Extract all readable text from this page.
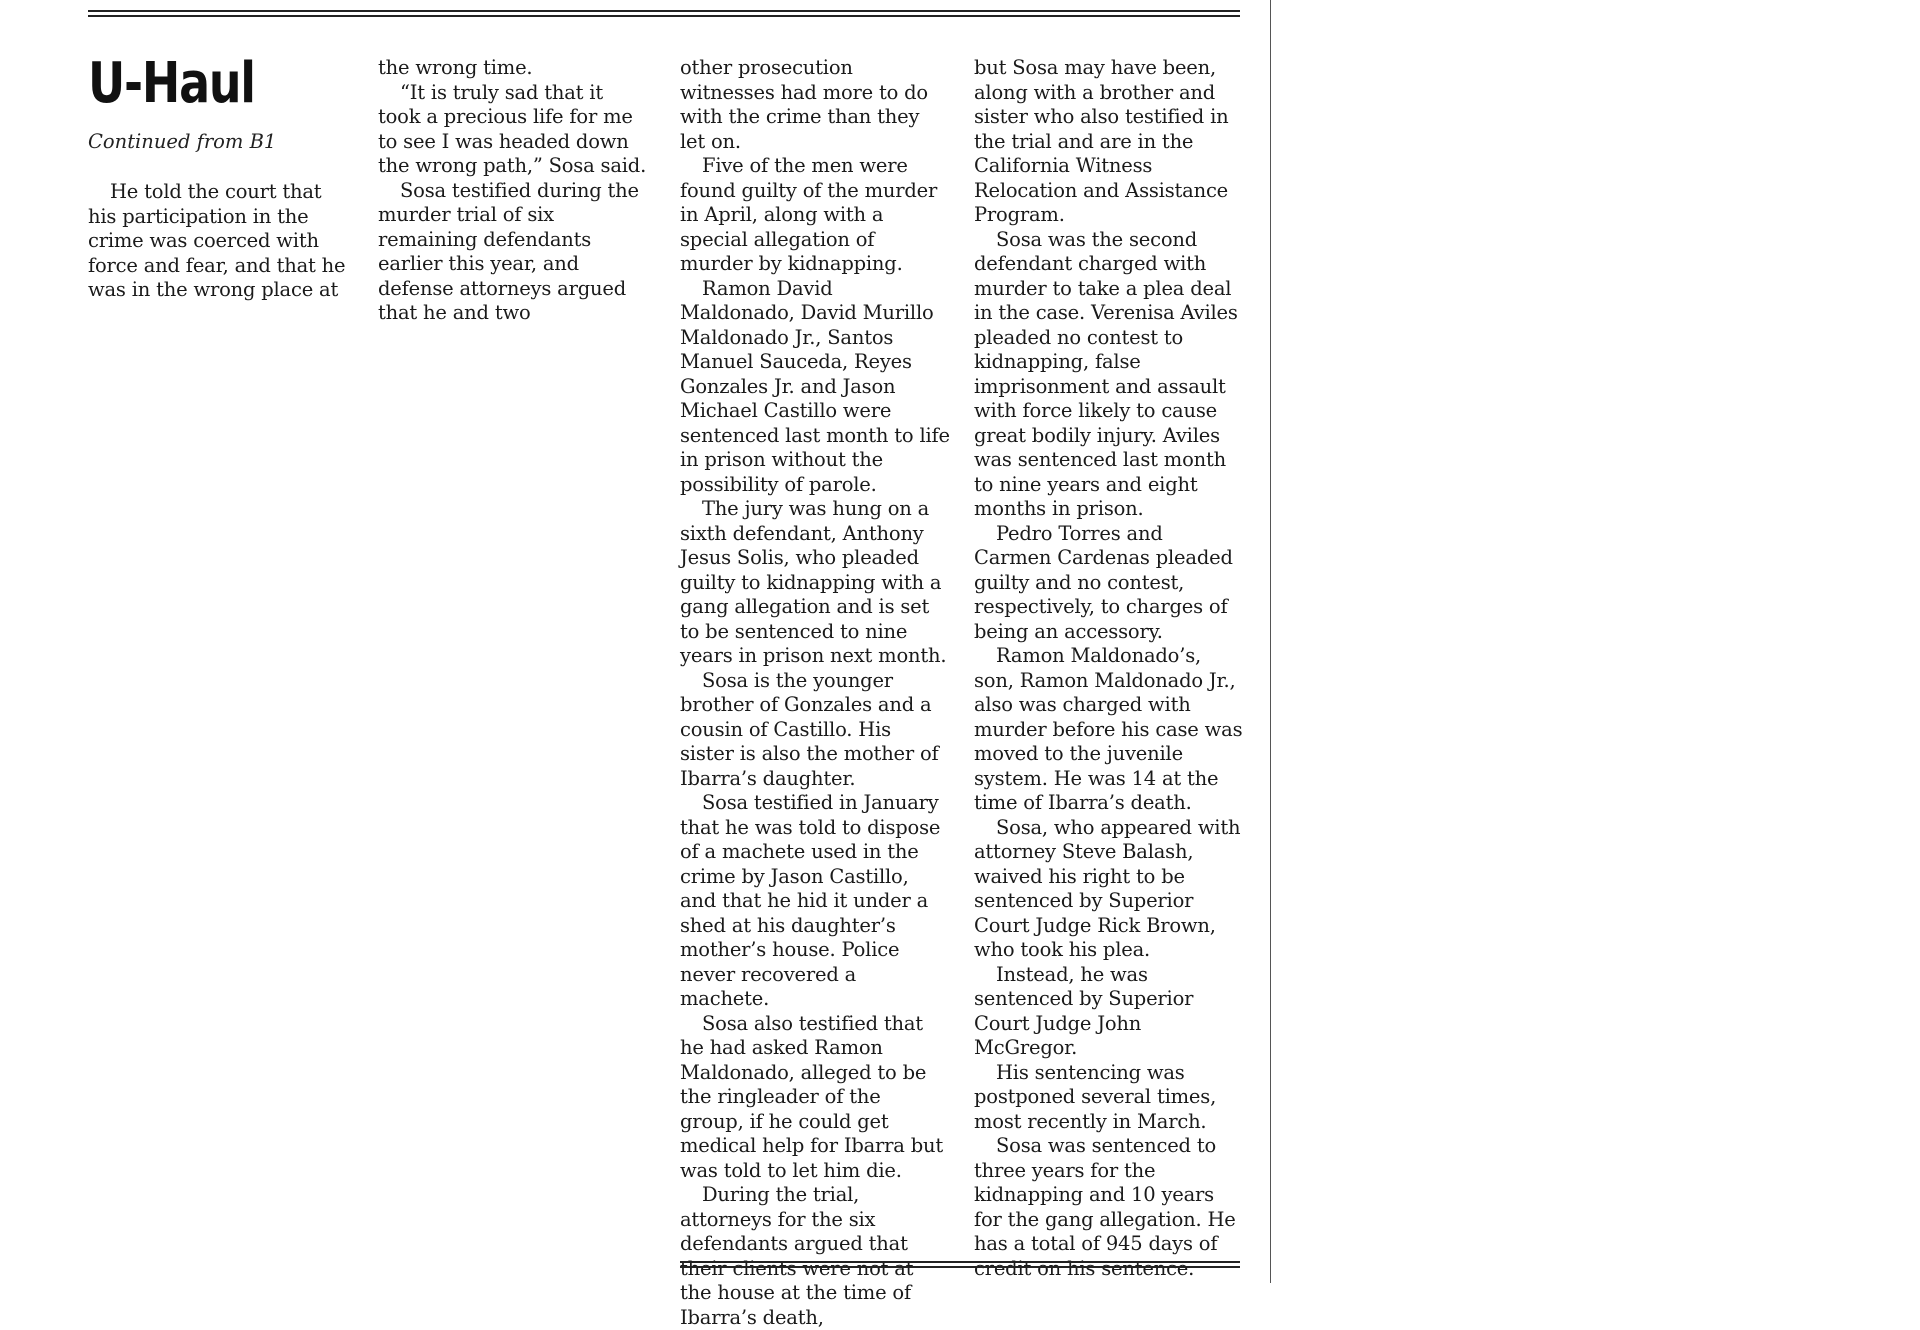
U-Haul

Continued from B1

He told the court that his participation in the crime was coerced with force and fear, and that he was in the wrong place at

the wrong time.

“It is truly sad that it took a precious life for me to see I was headed down the wrong path,” Sosa said.

Sosa testified during the murder trial of six remaining defendants earlier this year, and defense attorneys argued that he and two

other prosecution witnesses had more to do with the crime than they let on.

Five of the men were found guilty of the murder in April, along with a special allegation of murder by kidnapping.

Ramon David Maldonado, David Murillo Maldonado Jr., Santos Manuel Sauceda, Reyes Gonzales Jr. and Jason Michael Castillo were sentenced last month to life in prison without the possibility of parole.

The jury was hung on a sixth defendant, Anthony Jesus Solis, who pleaded guilty to kidnapping with a gang allegation and is set to be sentenced to nine years in prison next month.

Sosa is the younger brother of Gonzales and a cousin of Castillo. His sister is also the mother of Ibarra’s daughter.

Sosa testified in January that he was told to dispose of a machete used in the crime by Jason Castillo, and that he hid it under a shed at his daughter’s mother’s house. Police never recovered a machete.

Sosa also testified that he had asked Ramon Maldonado, alleged to be the ringleader of the group, if he could get medical help for Ibarra but was told to let him die.

During the trial, attorneys for the six defendants argued that their clients were not at the house at the time of Ibarra’s death,

but Sosa may have been, along with a brother and sister who also testified in the trial and are in the California Witness Relocation and Assistance Program.

Sosa was the second defendant charged with murder to take a plea deal in the case. Verenisa Aviles pleaded no contest to kidnapping, false imprisonment and assault with force likely to cause great bodily injury. Aviles was sentenced last month to nine years and eight months in prison.

Pedro Torres and Carmen Cardenas pleaded guilty and no contest, respectively, to charges of being an accessory.

Ramon Maldonado’s, son, Ramon Maldonado Jr., also was charged with murder before his case was moved to the juvenile system. He was 14 at the time of Ibarra’s death.

Sosa, who appeared with attorney Steve Balash, waived his right to be sentenced by Superior Court Judge Rick Brown, who took his plea.

Instead, he was sentenced by Superior Court Judge John McGregor.

His sentencing was postponed several times, most recently in March.

Sosa was sentenced to three years for the kidnapping and 10 years for the gang allegation. He has a total of 945 days of credit on his sentence.
